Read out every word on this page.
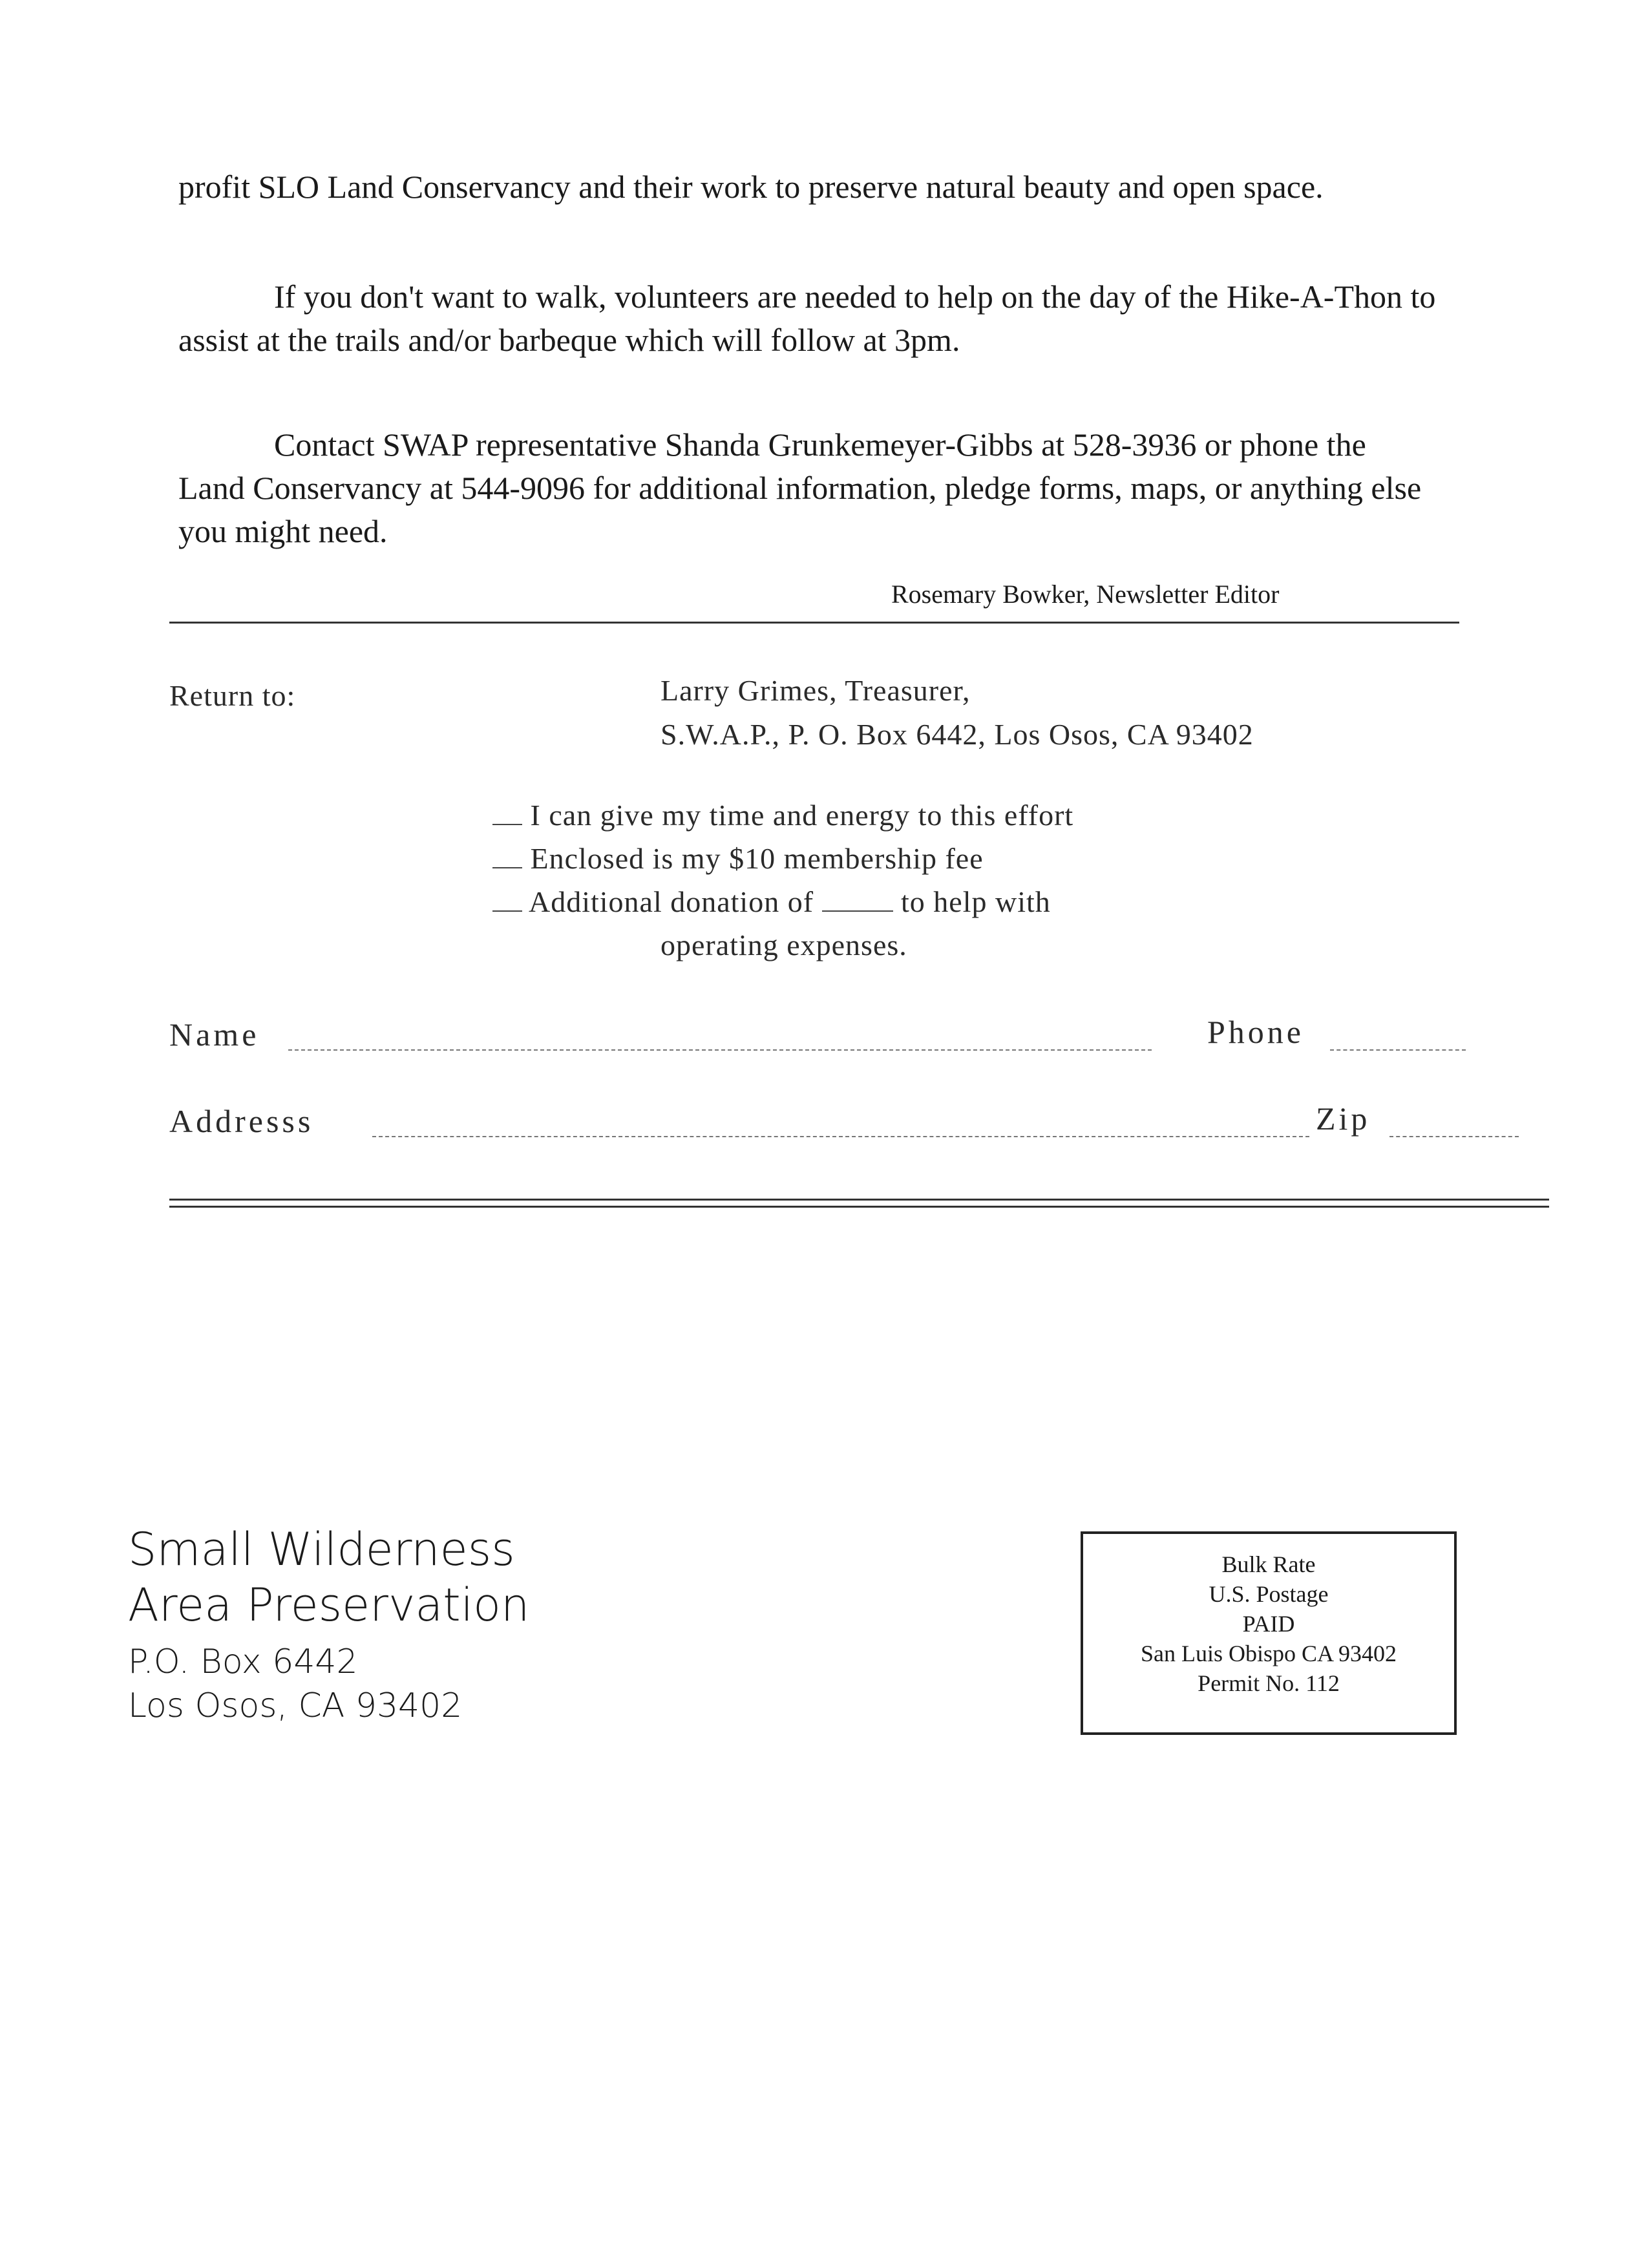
profit SLO Land Conservancy and their work to preserve natural beauty and open space.

If you don't want to walk, volunteers are needed to help on the day of the Hike-A-Thon to assist at the trails and/or barbeque which will follow at 3pm.

Contact SWAP representative Shanda Grunkemeyer-Gibbs at 528-3936 or phone the Land Conservancy at 544-9096 for additional information, pledge forms, maps, or anything else you might need.

Rosemary Bowker, Newsletter Editor
Return to:	Larry Grimes, Treasurer,
S.W.A.P., P. O. Box 6442, Los Osos, CA 93402
I can give my time and energy to this effort
Enclosed is my $10 membership fee
Additional donation of	to help with
operating expenses.
Name	Phone
Addresss	Zip
Small Wilderness
Area Preservation
P.O. Box 6442
Los Osos, CA 93402
Bulk Rate
U.S. Postage
PAID
San Luis Obispo CA 93402
Permit No. 112
